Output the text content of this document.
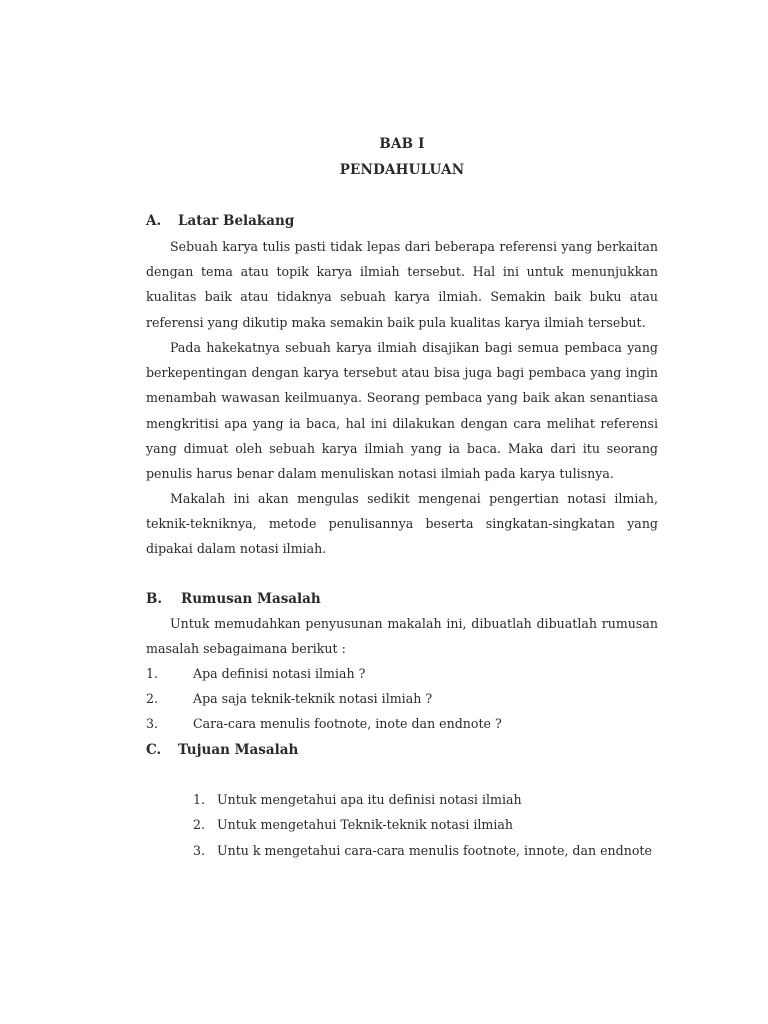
BAB I
PENDAHULUAN
A. Latar Belakang
Sebuah karya tulis pasti tidak lepas dari beberapa referensi yang berkaitan dengan tema atau topik karya ilmiah tersebut. Hal ini untuk menunjukkan kualitas baik atau tidaknya sebuah karya ilmiah. Semakin baik buku atau referensi yang dikutip maka semakin baik pula kualitas karya ilmiah tersebut.
Pada hakekatnya sebuah karya ilmiah disajikan bagi semua pembaca yang berkepentingan dengan karya tersebut atau bisa juga bagi pembaca yang ingin menambah wawasan keilmuanya. Seorang pembaca yang baik akan senantiasa mengkritisi apa yang ia baca, hal ini dilakukan dengan cara melihat referensi yang dimuat oleh sebuah karya ilmiah yang ia baca. Maka dari itu seorang penulis harus benar dalam menuliskan notasi ilmiah pada karya tulisnya.
Makalah ini akan mengulas sedikit mengenai pengertian notasi ilmiah, teknik-tekniknya, metode penulisannya beserta singkatan-singkatan yang dipakai dalam notasi ilmiah.
B. Rumusan Masalah
Untuk memudahkan penyusunan makalah ini, dibuatlah dibuatlah rumusan masalah sebagaimana berikut :
1.	Apa definisi notasi ilmiah ?
2.	Apa saja teknik-teknik notasi ilmiah ?
3.	Cara-cara menulis footnote, inote dan endnote ?
C. Tujuan Masalah
1. Untuk mengetahui apa itu definisi notasi ilmiah
2. Untuk mengetahui Teknik-teknik notasi ilmiah
3. Untu k mengetahui cara-cara menulis footnote, innote, dan endnote
